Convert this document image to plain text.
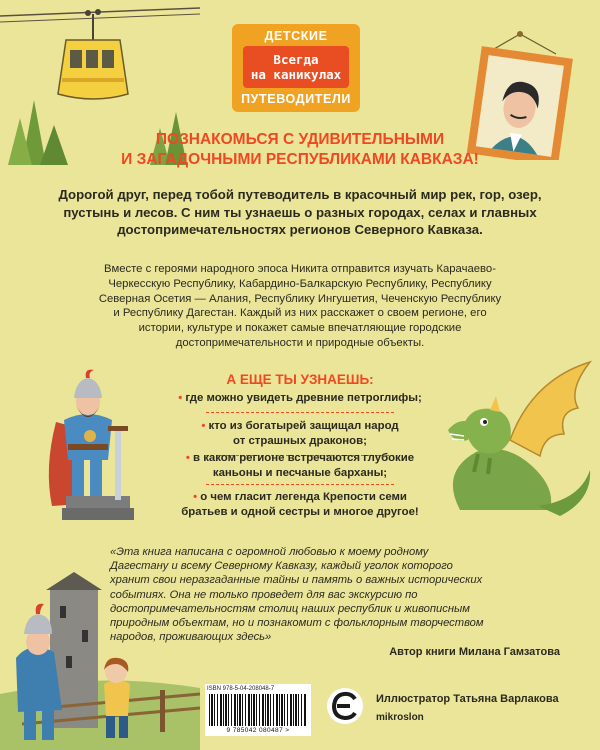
ДЕТСКИЕ
Всегда
на каникулах
ПУТЕВОДИТЕЛИ
ПОЗНАКОМЬСЯ С УДИВИТЕЛЬНЫМИ
И ЗАГАДОЧНЫМИ РЕСПУБЛИКАМИ КАВКАЗА!
Дорогой друг, перед тобой путеводитель в красочный мир рек, гор, озер,
пустынь и лесов. С ним ты узнаешь о разных городах, селах и главных
достопримечательностях регионов Северного Кавказа.
Вместе с героями народного эпоса Никита отправится изучать Карачаево-
Черкесскую Республику, Кабардино-Балкарскую Республику, Республику
Северная Осетия — Алания, Республику Ингушетия, Чеченскую Республику
и Республику Дагестан. Каждый из них расскажет о своем регионе, его
истории, культуре и покажет самые впечатляющие городские
достопримечательности и природные объекты.
А ЕЩЕ ТЫ УЗНАЕШЬ:
• где можно увидеть древние петроглифы;
• кто из богатырей защищал народ
от страшных драконов;
• в каком регионе встречаются глубокие
каньоны и песчаные барханы;
• о чем гласит легенда Крепости семи
братьев и одной сестры и многое другое!
«Эта книга написана с огромной любовью к моему родному
Дагестану и всему Северному Кавказу, каждый уголок которого
хранит свои неразгаданные тайны и память о важных исторических
событиях. Она не только проведет для вас экскурсию по
достопримечательностям столиц наших республик и живописным
природным объектам, но и познакомит с фольклорным творчеством
народов, проживающих здесь»
Автор книги Милана Гамзатова
ISBN 978-5-04-208048-7
9 785042 080487 >
Иллюстратор Татьяна Варлакова
mikroslon
